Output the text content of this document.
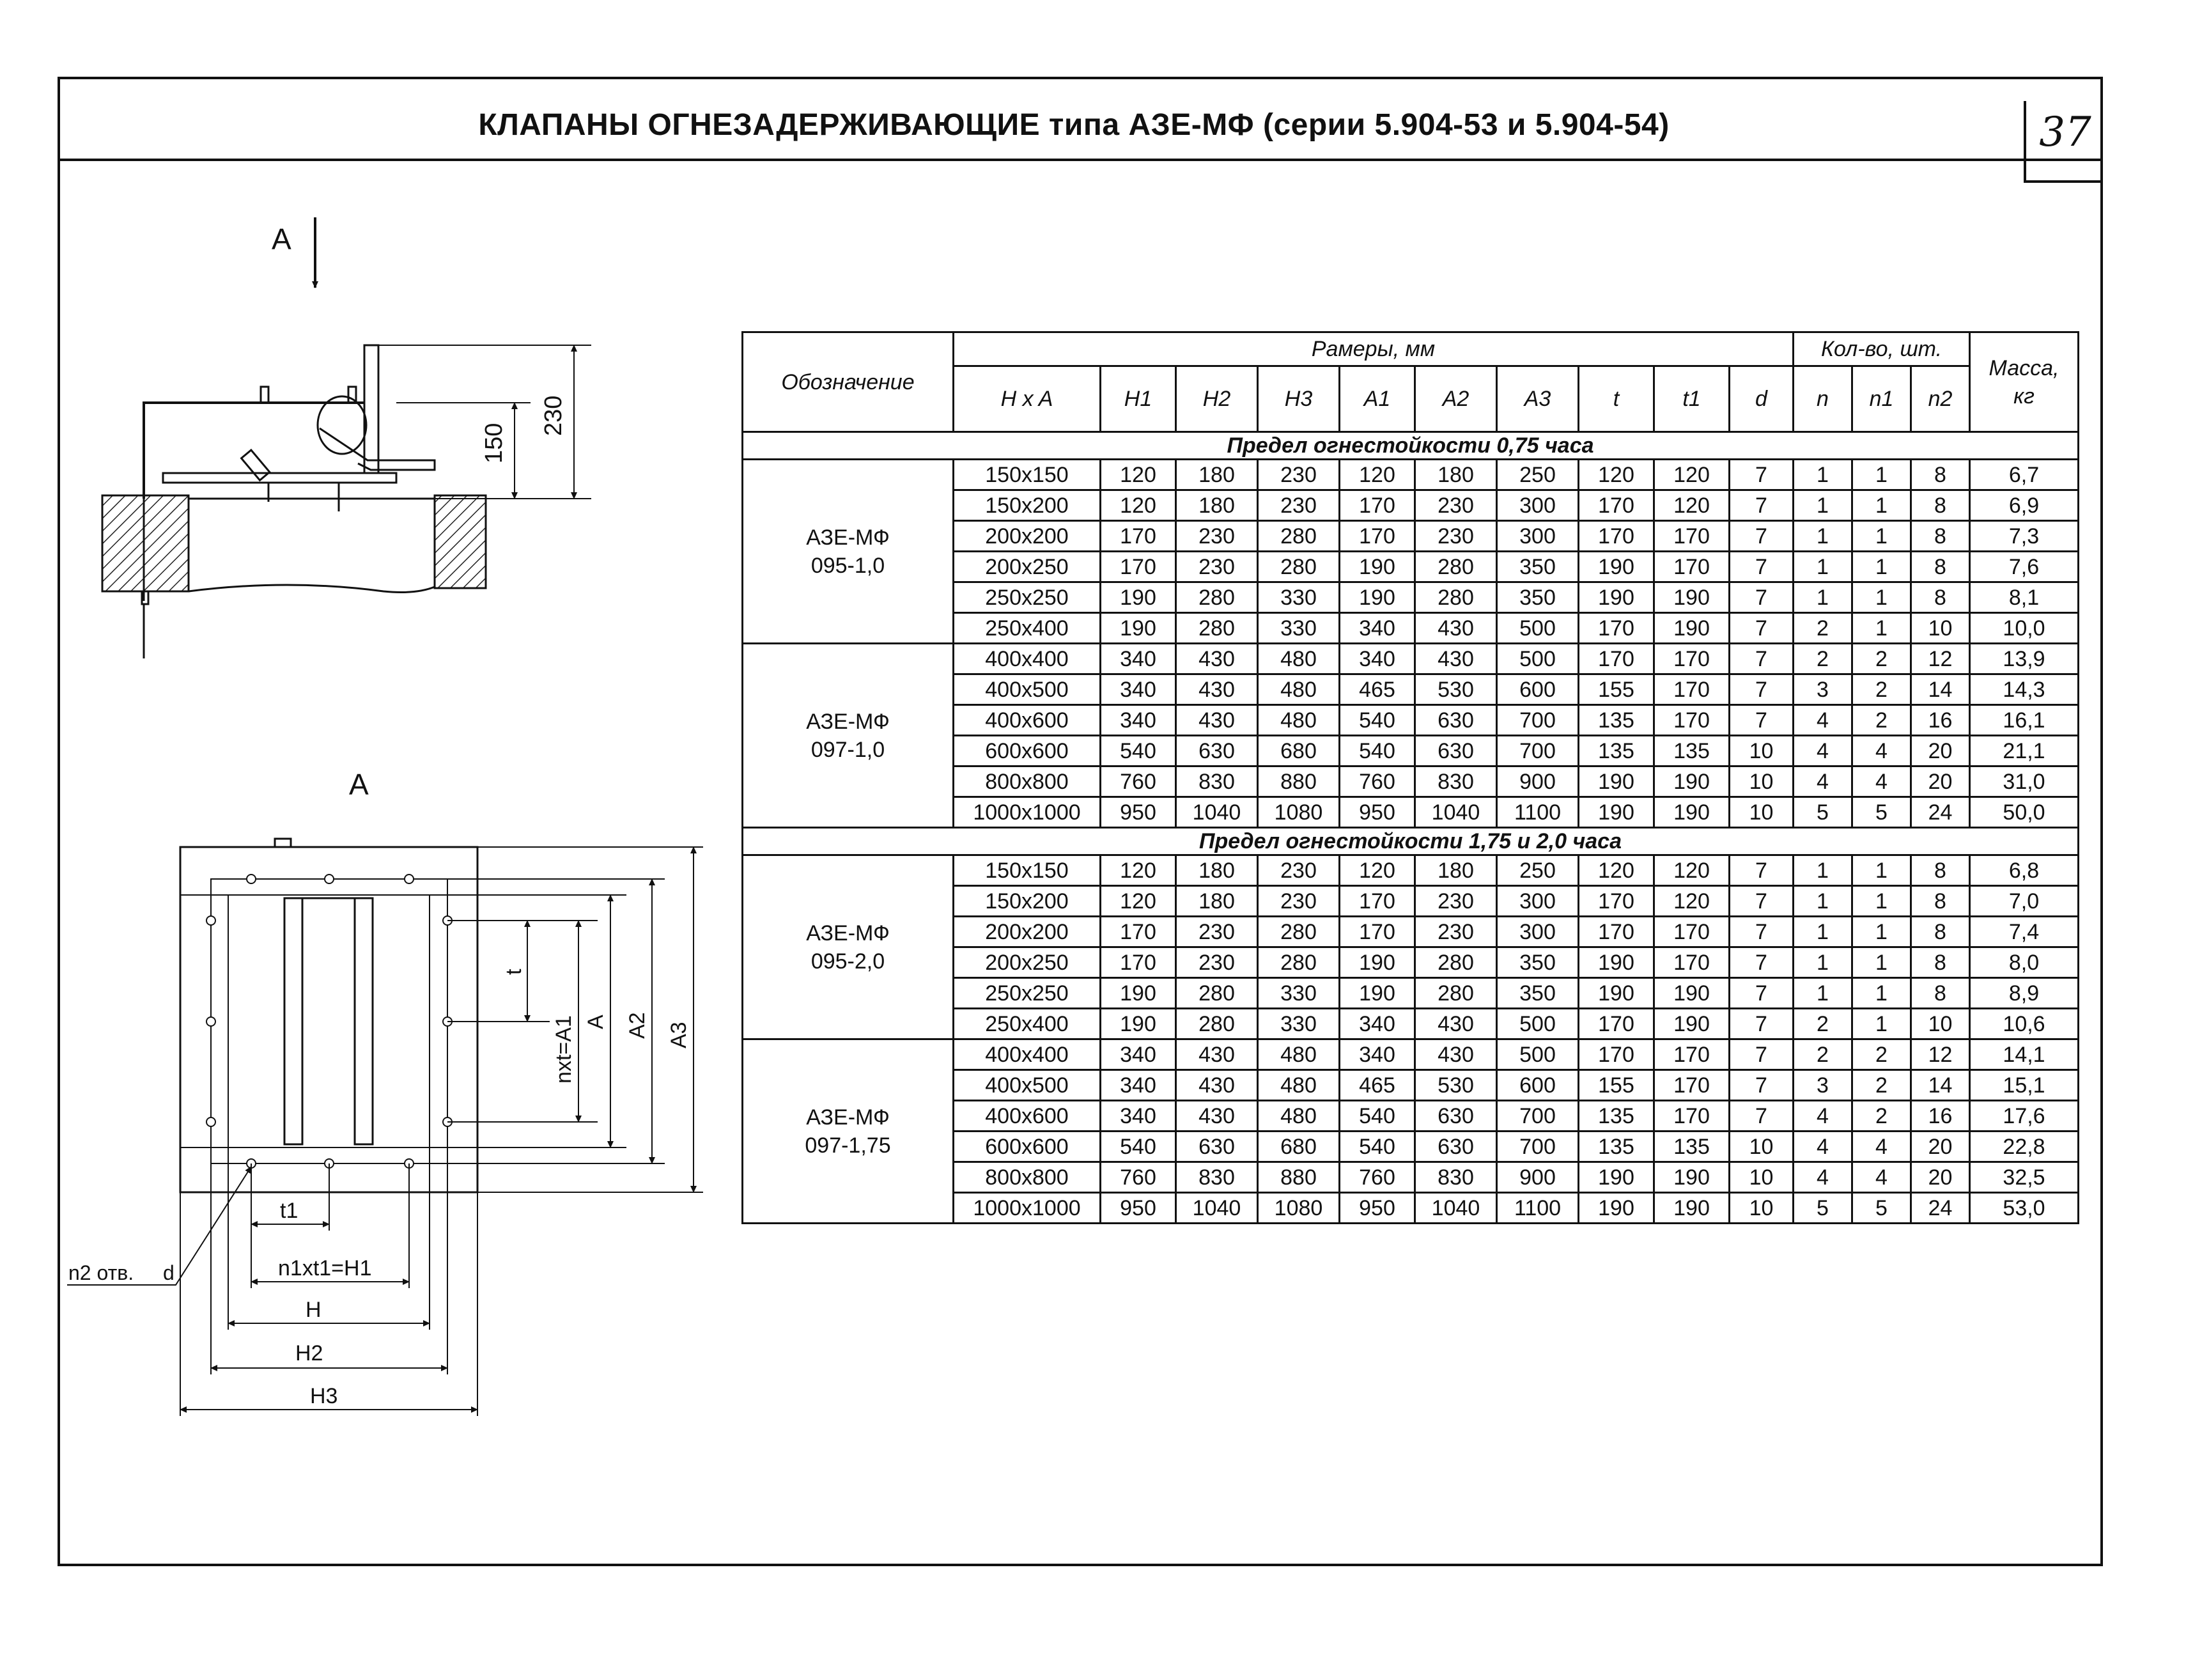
КЛАПАНЫ ОГНЕЗАДЕРЖИВАЮЩИЕ типа АЗЕ-МФ (серии 5.904-53 и 5.904-54)	37
А
150
230
А
t
nxt=A1 A A2 A3
t1
n1xt1=H1
H
H2
H3
n2 отв. d
Обозначение	Рамеры, мм										Кол-во, шт.			Масса,
кг
	H x A	H1	H2	H3	A1	A2	A3	t	t1	d	n	n1	n2	
Предел огнестойкости 0,75 часа														
АЗЕ-МФ
095-1,0	150x150	120	180	230	120	180	250	120	120	7	1	1	8	6,7
	150x200	120	180	230	170	230	300	170	120	7	1	1	8	6,9
	200x200	170	230	280	170	230	300	170	170	7	1	1	8	7,3
	200x250	170	230	280	190	280	350	190	170	7	1	1	8	7,6
	250x250	190	280	330	190	280	350	190	190	7	1	1	8	8,1
	250x400	190	280	330	340	430	500	170	190	7	2	1	10	10,0
АЗЕ-МФ
097-1,0	400x400	340	430	480	340	430	500	170	170	7	2	2	12	13,9
	400x500	340	430	480	465	530	600	155	170	7	3	2	14	14,3
	400x600	340	430	480	540	630	700	135	170	7	4	2	16	16,1
	600x600	540	630	680	540	630	700	135	135	10	4	4	20	21,1
	800x800	760	830	880	760	830	900	190	190	10	4	4	20	31,0
	1000x1000	950	1040	1080	950	1040	1100	190	190	10	5	5	24	50,0
Предел огнестойкости 1,75 и 2,0 часа														
АЗЕ-МФ
095-2,0	150x150	120	180	230	120	180	250	120	120	7	1	1	8	6,8
	150x200	120	180	230	170	230	300	170	120	7	1	1	8	7,0
	200x200	170	230	280	170	230	300	170	170	7	1	1	8	7,4
	200x250	170	230	280	190	280	350	190	170	7	1	1	8	8,0
	250x250	190	280	330	190	280	350	190	190	7	1	1	8	8,9
	250x400	190	280	330	340	430	500	170	190	7	2	1	10	10,6
АЗЕ-МФ
097-1,75	400x400	340	430	480	340	430	500	170	170	7	2	2	12	14,1
	400x500	340	430	480	465	530	600	155	170	7	3	2	14	15,1
	400x600	340	430	480	540	630	700	135	170	7	4	2	16	17,6
	600x600	540	630	680	540	630	700	135	135	10	4	4	20	22,8
	800x800	760	830	880	760	830	900	190	190	10	4	4	20	32,5
	1000x1000	950	1040	1080	950	1040	1100	190	190	10	5	5	24	53,0
